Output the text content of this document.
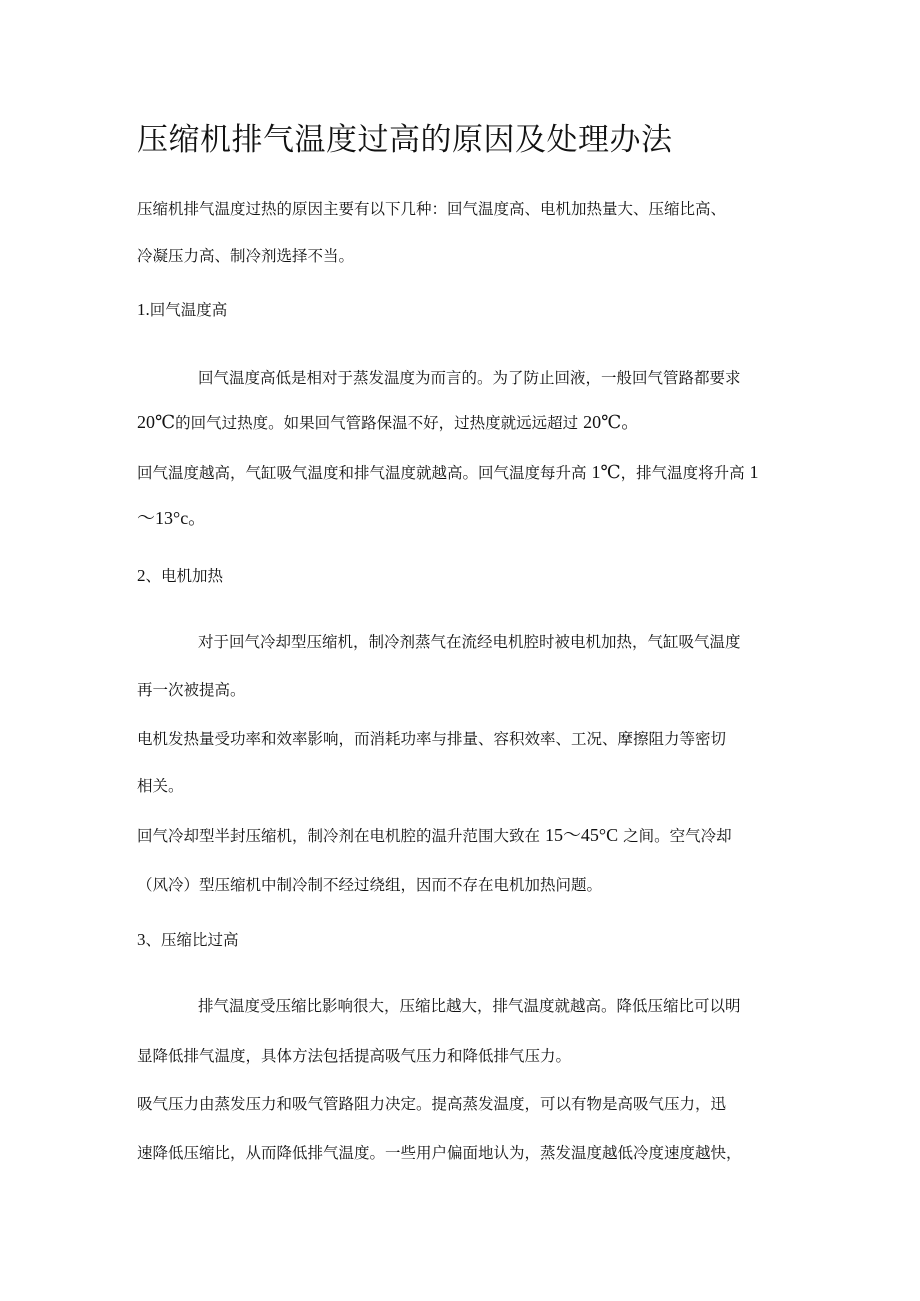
压缩机排气温度过高的原因及处理办法
压缩机排气温度过热的原因主要有以下几种：回气温度高、电机加热量大、压缩比高、
冷凝压力高、制冷剂选择不当。
1.回气温度高
回气温度高低是相对于蒸发温度为而言的。为了防止回液，一般回气管路都要求
20℃的回气过热度。如果回气管路保温不好，过热度就远远超过 20℃。
回气温度越高，气缸吸气温度和排气温度就越高。回气温度每升高 1℃，排气温度将升高 1
～13°c。
2、电机加热
对于回气冷却型压缩机，制冷剂蒸气在流经电机腔时被电机加热，气缸吸气温度
再一次被提高。
电机发热量受功率和效率影响，而消耗功率与排量、容积效率、工况、摩擦阻力等密切
相关。
回气冷却型半封压缩机，制冷剂在电机腔的温升范围大致在 15〜45°C 之间。空气冷却
（风冷）型压缩机中制冷制不经过绕组，因而不存在电机加热问题。
3、压缩比过高
排气温度受压缩比影响很大，压缩比越大，排气温度就越高。降低压缩比可以明
显降低排气温度，具体方法包括提高吸气压力和降低排气压力。
吸气压力由蒸发压力和吸气管路阻力决定。提高蒸发温度，可以有物是高吸气压力，迅
速降低压缩比，从而降低排气温度。一些用户偏面地认为，蒸发温度越低冷度速度越快，
